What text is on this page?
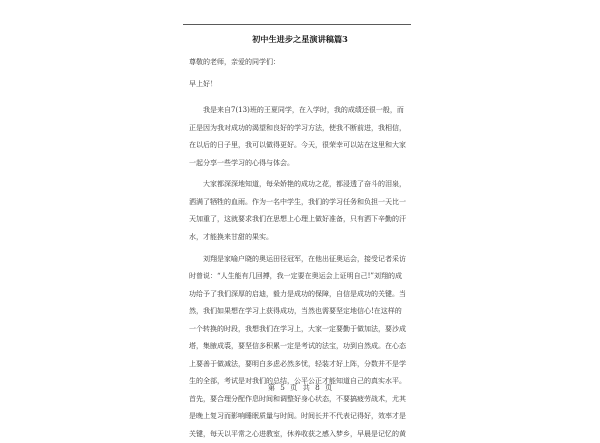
初中生进步之星演讲稿篇3
尊敬的老师，亲爱的同学们：
早上好！
我是来自7(13)班的王夏同学，在入学时，我的成绩还很一般，而
正是因为我对成功的渴望和良好的学习方法，使我不断前进，我相信，
在以后的日子里，我可以做得更好。今天，很荣幸可以站在这里和大家
一起分享一些学习的心得与体会。
大家都深深地知道，每朵娇艳的成功之花，都浸透了奋斗的泪泉，
洒满了牺牲的血雨。作为一名中学生，我们的学习任务和负担一天比一
天加重了，这就要求我们在思想上心理上做好准备，只有洒下辛勤的汗
水，才能换来甘甜的果实。
刘翔是家喻户晓的奥运田径冠军，在他出征奥运会，接受记者采访
时曾说：“人生能有几回搏，我一定要在奥运会上证明自己!”刘翔的成
功给予了我们深厚的启迪，毅力是成功的保障，自信是成功的关键。当
然，我们如果想在学习上获得成功，当然也需要坚定地信心!在这样的
一个转换的时段，我想我们在学习上，大家一定要勤于做加法，要沙成
塔，集腋成裘，要坚信多积累一定是考试的法宝，功到自然成。在心态
上要善于做减法，要明白多虑必然多忧，轻装才好上阵，分数并不是学
生的全部，考试是对我们的总结，公平公正才能知道自己的真实水平。
首先，要合理分配作息时间和调整好身心状态，不要搞疲劳战术，尤其
是晚上复习而影响睡眠质量与时间。时间长并不代表记得好，效率才是
关键，每天以平常之心进教室，休养收获之感入梦乡，早晨是记忆的黄
第 5 页 共 8 页
